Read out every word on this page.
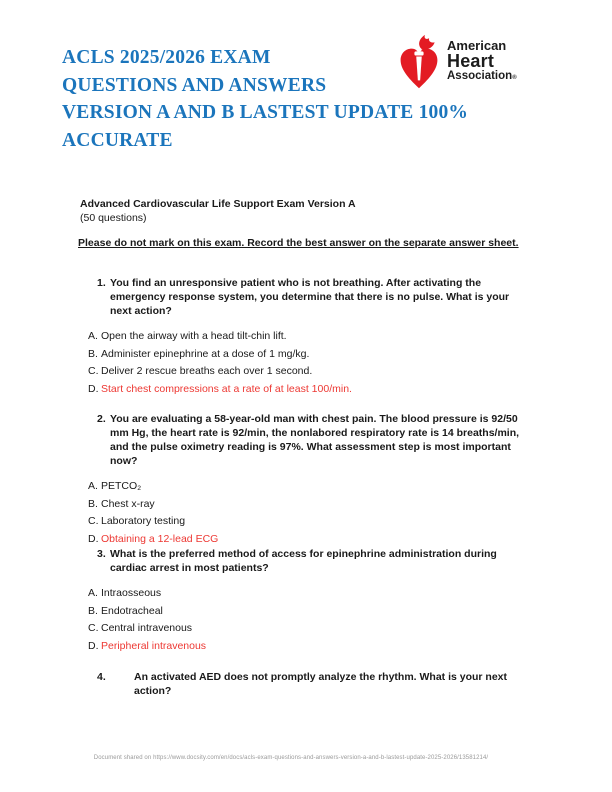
ACLS 2025/2026 EXAM
QUESTIONS AND ANSWERS
VERSION A AND B LASTEST UPDATE 100%
ACCURATE
American
Heart
Association®
Advanced Cardiovascular Life Support Exam Version A
(50 questions)
Please do not mark on this exam. Record the best answer on the separate answer sheet.
1. You find an unresponsive patient who is not breathing. After activating the emergency response system, you determine that there is no pulse. What is your next action?
A. Open the airway with a head tilt-chin lift.
B. Administer epinephrine at a dose of 1 mg/kg.
C. Deliver 2 rescue breaths each over 1 second.
D. Start chest compressions at a rate of at least 100/min.
2. You are evaluating a 58-year-old man with chest pain. The blood pressure is 92/50 mm Hg, the heart rate is 92/min, the nonlabored respiratory rate is 14 breaths/min, and the pulse oximetry reading is 97%. What assessment step is most important now?
A. PETCO₂
B. Chest x-ray
C. Laboratory testing
D. Obtaining a 12-lead ECG
3. What is the preferred method of access for epinephrine administration during cardiac arrest in most patients?
A. Intraosseous
B. Endotracheal
C. Central intravenous
D. Peripheral intravenous
4.	An activated AED does not promptly analyze the rhythm. What is your next action?
Document shared on https://www.docsity.com/en/docs/acls-exam-questions-and-answers-version-a-and-b-lastest-update-2025-2026/13581214/
